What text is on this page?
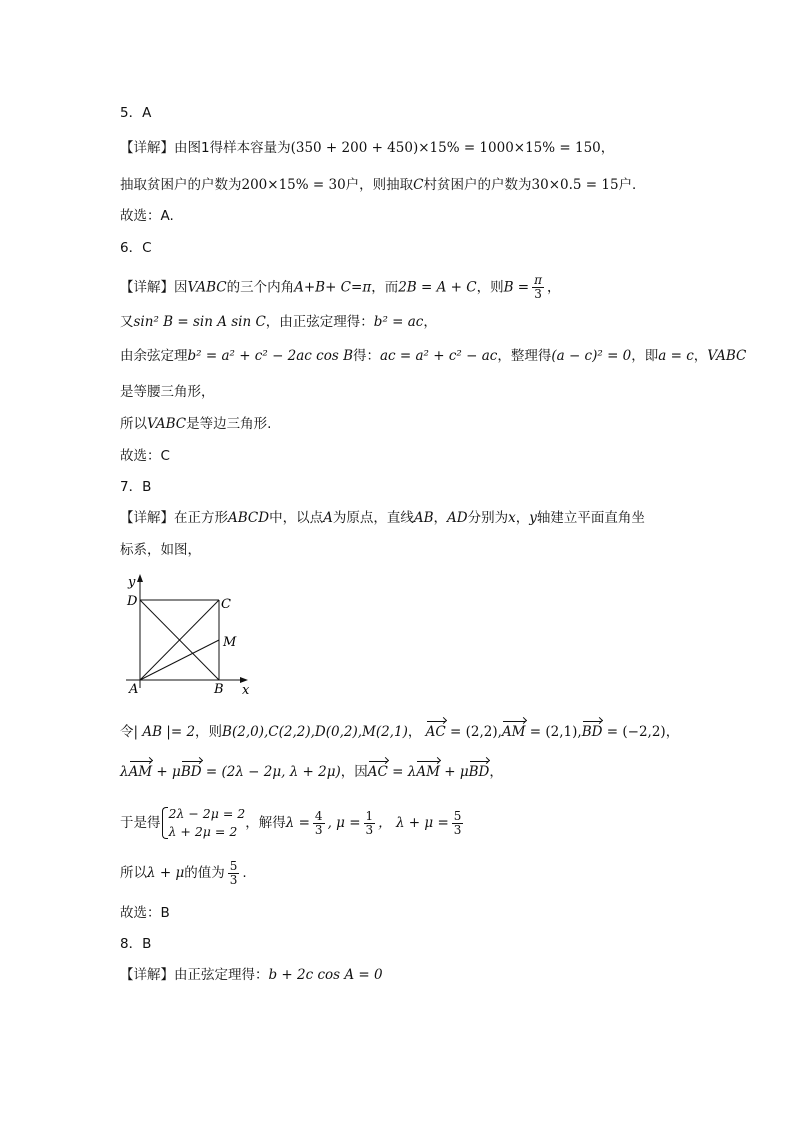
5．A
【详解】由图1得样本容量为(350 + 200 + 450)×15% = 1000×15% = 150，
抽取贫困户的户数为200×15% = 30户，则抽取C村贫困户的户数为30×0.5 = 15户．
故选：A.
6．C
【详解】因VABC的三个内角A+B+ C=π，而2B = A + C，则$B = \frac{\pi}{3}$ ，
又sin² B = sin A sin C，由正弦定理得：b² = ac，
由余弦定理b² = a² + c² − 2ac cos B得：ac = a² + c² − ac，整理得(a − c)² = 0，即a = c，VABC
是等腰三角形，
所以VABC是等边三角形.
故选：C
7．B
【详解】在正方形ABCD中，以点A为原点，直线AB，AD分别为x，y轴建立平面直角坐
标系，如图，
y
x
D	C
M
A	B
令| AB |= 2，则B(2,0),C(2,2),D(0,2),M(2,1)， AC = (2,2),AM = (2,1),BD = (−2,2)，
λAM + μBD = (2λ − 2μ, λ + 2μ)，因AC = λAM + μBD，
于是得
2λ − 2μ = 2
λ + 2μ = 2
，解得$\lambda = \frac{4}{3}$ , $\mu = \frac{1}{3}$ ， $\lambda + \mu = \frac{5}{3}$
所以λ + μ的值为 $\frac{5}{3}$ .
故选：B
8．B
【详解】由正弦定理得：b + 2c cos A = 0
